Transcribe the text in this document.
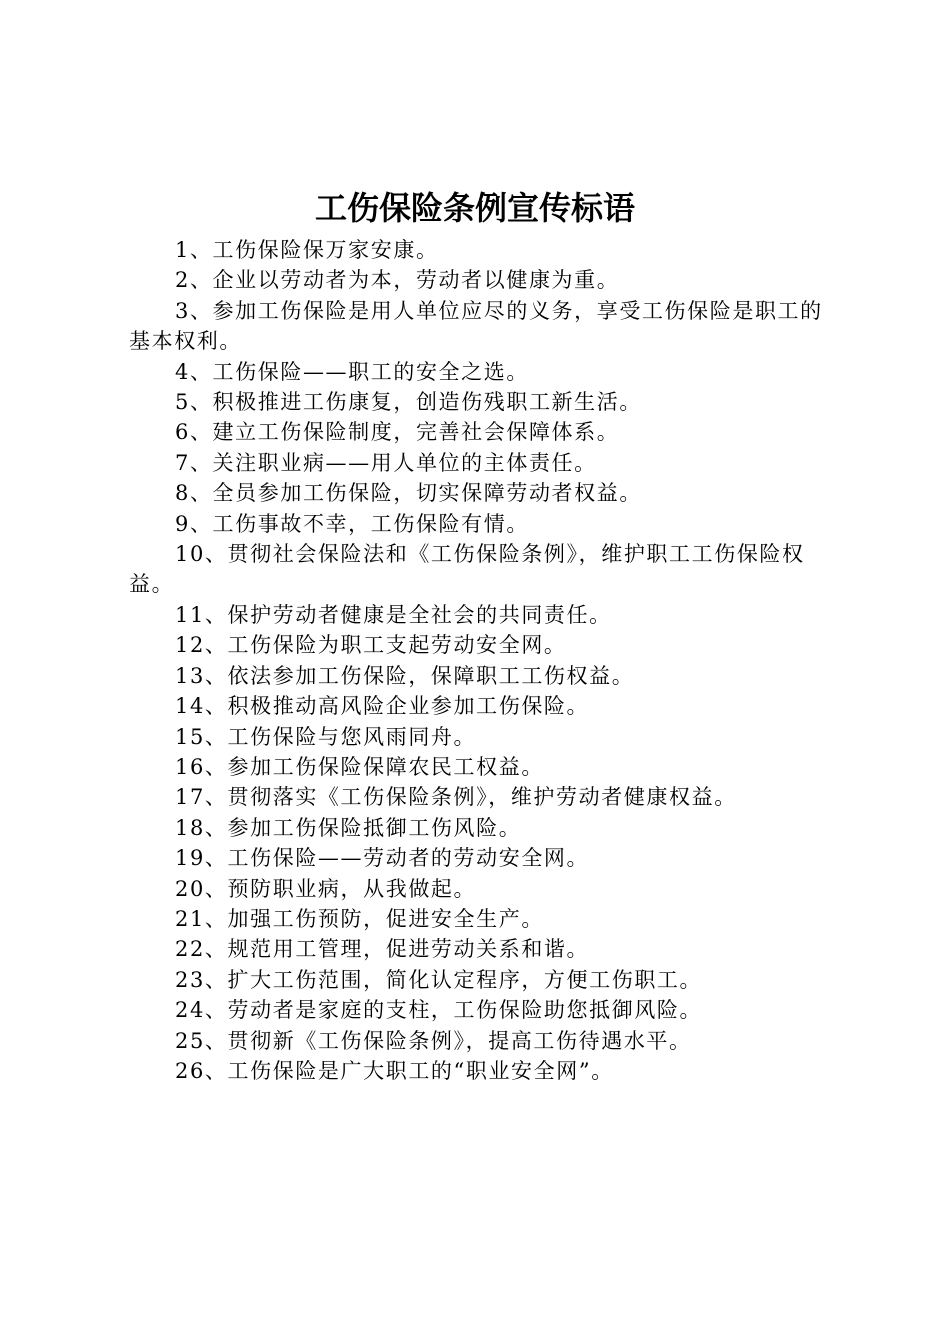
工伤保险条例宣传标语
1、工伤保险保万家安康。
2、企业以劳动者为本，劳动者以健康为重。
3、参加工伤保险是用人单位应尽的义务，享受工伤保险是职工的基本权利。
4、工伤保险——职工的安全之选。
5、积极推进工伤康复，创造伤残职工新生活。
6、建立工伤保险制度，完善社会保障体系。
7、关注职业病——用人单位的主体责任。
8、全员参加工伤保险，切实保障劳动者权益。
9、工伤事故不幸，工伤保险有情。
10、贯彻社会保险法和《工伤保险条例》，维护职工工伤保险权益。
11、保护劳动者健康是全社会的共同责任。
12、工伤保险为职工支起劳动安全网。
13、依法参加工伤保险，保障职工工伤权益。
14、积极推动高风险企业参加工伤保险。
15、工伤保险与您风雨同舟。
16、参加工伤保险保障农民工权益。
17、贯彻落实《工伤保险条例》，维护劳动者健康权益。
18、参加工伤保险抵御工伤风险。
19、工伤保险——劳动者的劳动安全网。
20、预防职业病，从我做起。
21、加强工伤预防，促进安全生产。
22、规范用工管理，促进劳动关系和谐。
23、扩大工伤范围，简化认定程序，方便工伤职工。
24、劳动者是家庭的支柱，工伤保险助您抵御风险。
25、贯彻新《工伤保险条例》，提高工伤待遇水平。
26、工伤保险是广大职工的“职业安全网”。
